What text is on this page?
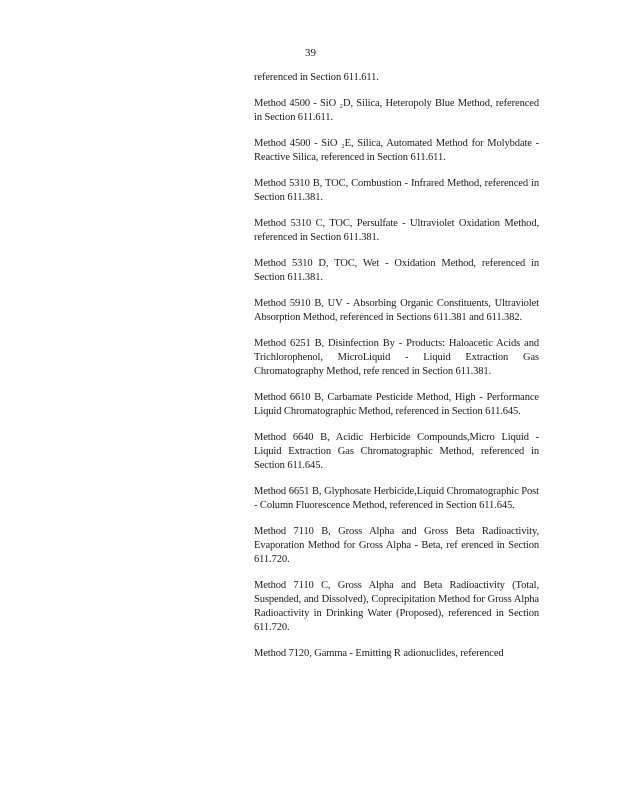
39

referenced in Section 611.611.

Method 4500 - SiO ₂D, Silica, Heteropoly Blue Method, referenced in Section 611.611.

Method 4500 - SiO ₂E, Silica, Automated Method for Molybdate - Reactive Silica, referenced in Section 611.611.

Method 5310 B, TOC, Combustion - Infrared Method, referenced in Section 611.381.

Method 5310 C, TOC, Persulfate - Ultraviolet Oxidation Method, referenced in Section 611.381.

Method 5310 D, TOC, Wet - Oxidation Method, referenced in Section 611.381.

Method 5910 B, UV - Absorbing Organic Constituents, Ultraviolet Absorption Method, referenced in Sections 611.381 and 611.382.

Method 6251 B, Disinfection By - Products: Haloacetic Acids and Trichlorophenol, MicroLiquid - Liquid Extraction Gas Chromatography Method, refe renced in Section 611.381.

Method 6610 B, Carbamate Pesticide Method, High - Performance Liquid Chromatographic Method, referenced in Section 611.645.

Method 6640 B, Acidic Herbicide Compounds,Micro Liquid - Liquid Extraction Gas Chromatographic Method, referenced in Section 611.645.

Method 6651 B, Glyphosate Herbicide,Liquid Chromatographic Post - Column Fluorescence Method, referenced in Section 611.645.

Method 7110 B, Gross Alpha and Gross Beta Radioactivity, Evaporation Method for Gross Alpha - Beta, ref erenced in Section 611.720.

Method 7110 C, Gross Alpha and Beta Radioactivity (Total, Suspended, and Dissolved), Coprecipitation Method for Gross Alpha Radioactivity in Drinking Water (Proposed), referenced in Section 611.720.

Method 7120, Gamma - Emitting R adionuclides, referenced
